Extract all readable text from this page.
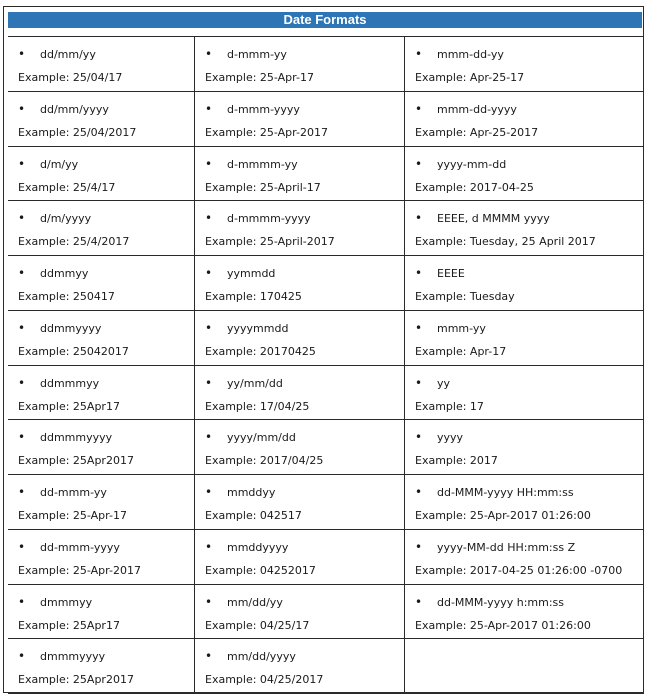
Date Formats
• dd/mm/yy
Example: 25/04/17
• d-mmm-yy
Example: 25-Apr-17
• mmm-dd-yy
Example: Apr-25-17
• dd/mm/yyyy
Example: 25/04/2017
• d-mmm-yyyy
Example: 25-Apr-2017
• mmm-dd-yyyy
Example: Apr-25-2017
• d/m/yy
Example: 25/4/17
• d-mmmm-yy
Example: 25-April-17
• yyyy-mm-dd
Example: 2017-04-25
• d/m/yyyy
Example: 25/4/2017
• d-mmmm-yyyy
Example: 25-April-2017
• EEEE, d MMMM yyyy
Example: Tuesday, 25 April 2017
• ddmmyy
Example: 250417
• yymmdd
Example: 170425
• EEEE
Example: Tuesday
• ddmmyyyy
Example: 25042017
• yyyymmdd
Example: 20170425
• mmm-yy
Example: Apr-17
• ddmmmyy
Example: 25Apr17
• yy/mm/dd
Example: 17/04/25
• yy
Example: 17
• ddmmmyyyy
Example: 25Apr2017
• yyyy/mm/dd
Example: 2017/04/25
• yyyy
Example: 2017
• dd-mmm-yy
Example: 25-Apr-17
• mmddyy
Example: 042517
• dd-MMM-yyyy HH:mm:ss
Example: 25-Apr-2017 01:26:00
• dd-mmm-yyyy
Example: 25-Apr-2017
• mmddyyyy
Example: 04252017
• yyyy-MM-dd HH:mm:ss Z
Example: 2017-04-25 01:26:00 -0700
• dmmmyy
Example: 25Apr17
• mm/dd/yy
Example: 04/25/17
• dd-MMM-yyyy h:mm:ss
Example: 25-Apr-2017 01:26:00
• dmmmyyyy
Example: 25Apr2017
• mm/dd/yyyy
Example: 04/25/2017
